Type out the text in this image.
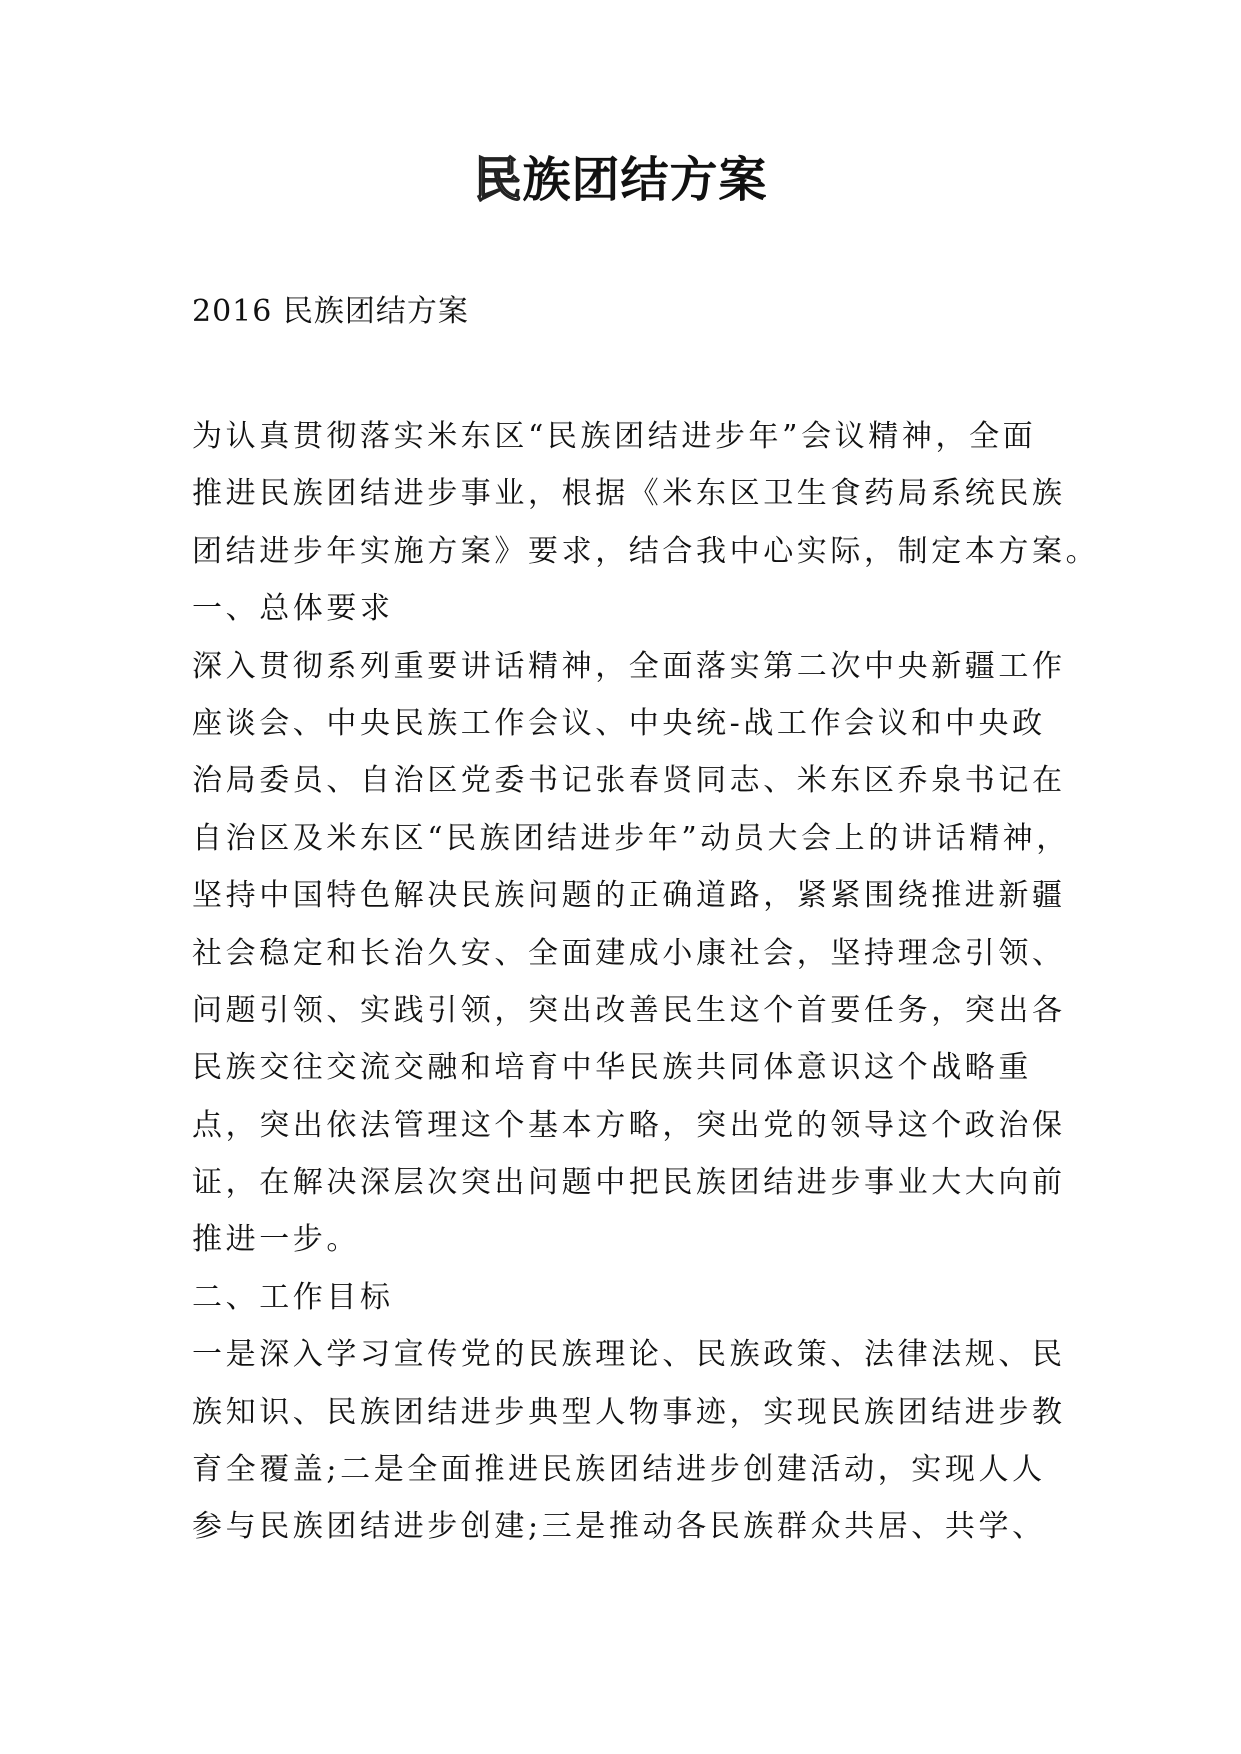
民族团结方案

2016 民族团结方案

为认真贯彻落实米东区“民族团结进步年”会议精神，全面
推进民族团结进步事业，根据《米东区卫生食药局系统民族
团结进步年实施方案》要求，结合我中心实际，制定本方案。
一、总体要求
深入贯彻系列重要讲话精神，全面落实第二次中央新疆工作
座谈会、中央民族工作会议、中央统-战工作会议和中央政
治局委员、自治区党委书记张春贤同志、米东区乔泉书记在
自治区及米东区“民族团结进步年”动员大会上的讲话精神，
坚持中国特色解决民族问题的正确道路，紧紧围绕推进新疆
社会稳定和长治久安、全面建成小康社会，坚持理念引领、
问题引领、实践引领，突出改善民生这个首要任务，突出各
民族交往交流交融和培育中华民族共同体意识这个战略重
点，突出依法管理这个基本方略，突出党的领导这个政治保
证，在解决深层次突出问题中把民族团结进步事业大大向前
推进一步。
二、工作目标
一是深入学习宣传党的民族理论、民族政策、法律法规、民
族知识、民族团结进步典型人物事迹，实现民族团结进步教
育全覆盖;二是全面推进民族团结进步创建活动，实现人人
参与民族团结进步创建;三是推动各民族群众共居、共学、
